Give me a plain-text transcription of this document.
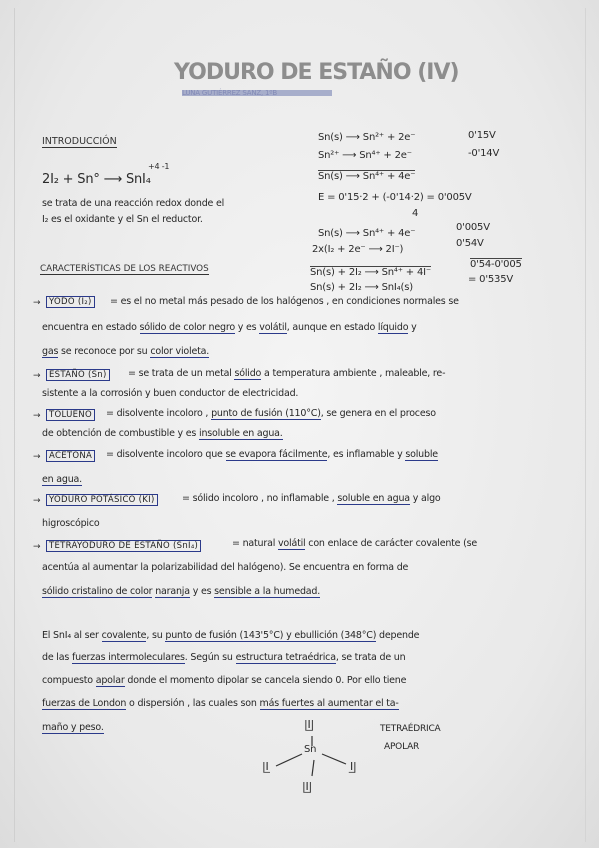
YODURO DE ESTAÑO (IV)
LUNA GUTIÉRREZ SANZ, 1ºB
INTRODUCCIÓN
+4 -1
2I₂ + Sn° ⟶ SnI₄
se trata de una reacción redox donde el
I₂ es el oxidante y el Sn el reductor.
Sn(s) ⟶ Sn²⁺ + 2e⁻	0'15V
Sn²⁺ ⟶ Sn⁴⁺ + 2e⁻	-0'14V
Sn(s) ⟶ Sn⁴⁺ + 4e⁻
E = 0'15·2 + (-0'14·2) = 0'005V
4
Sn(s) ⟶ Sn⁴⁺ + 4e⁻
0'005V
2x(I₂ + 2e⁻ ⟶ 2I⁻)
0'54V
Sn(s) + 2I₂ ⟶ Sn⁴⁺ + 4I⁻
0'54-0'005
Sn(s) + 2I₂ ⟶ SnI₄(s)
= 0'535V
CARACTERÍSTICAS DE LOS REACTIVOS
→	YODO (I₂)	= es el no metal más pesado de los halógenos , en condiciones normales se
encuentra en estado sólido de color negro y es volátil, aunque en estado líquido y
gas se reconoce por su color violeta.
→	ESTAÑO (Sn)	= se trata de un metal sólido a temperatura ambiente , maleable, re-
sistente a la corrosión y buen conductor de electricidad.
→	TOLUENO	= disolvente incoloro , punto de fusión (110°C), se genera en el proceso
de obtención de combustible y es insoluble en agua.
→	ACETONA	= disolvente incoloro que se evapora fácilmente, es inflamable y soluble
en agua.
→	YODURO POTÁSICO (KI)	= sólido incoloro , no inflamable , soluble en agua y algo
higroscópico
→	TETRAYODURO DE ESTAÑO (SnI₄)	= natural volátil con enlace de carácter covalente (se
acentúa al aumentar la polarizabilidad del halógeno). Se encuentra en forma de
sólido cristalino de color naranja y es sensible a la humedad.
El SnI₄ al ser covalente, su punto de fusión (143'5°C) y ebullición (348°C) depende
de las fuerzas intermoleculares. Según su estructura tetraédrica, se trata de un
compuesto apolar donde el momento dipolar se cancela siendo 0. Por ello tiene
fuerzas de London o dispersión , las cuales son más fuertes al aumentar el ta-
maño y peso.	|I̲|
Sn
|I̲	I̲|
|I̲|
TETRAÉDRICA
APOLAR
